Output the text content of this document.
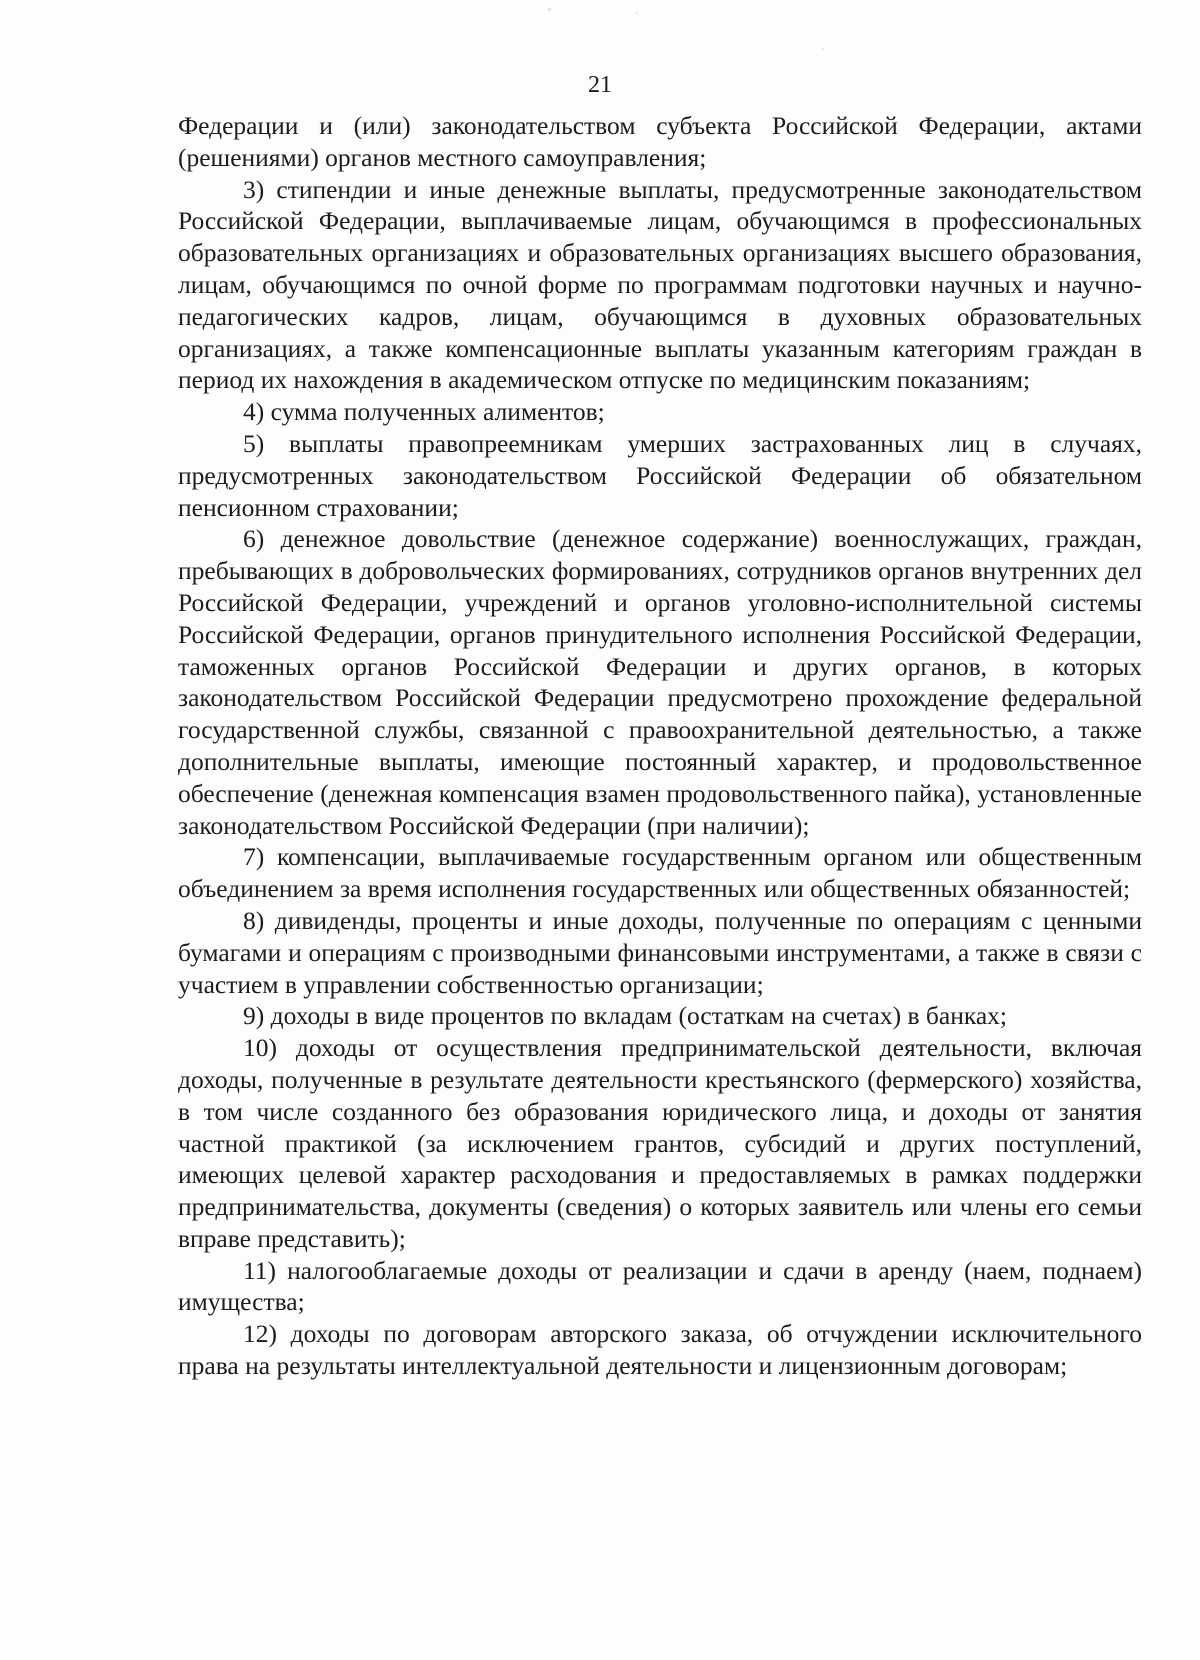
21

Федерации и (или) законодательством субъекта Российской Федерации, актами (решениями) органов местного самоуправления;

3) стипендии и иные денежные выплаты, предусмотренные законодательством Российской Федерации, выплачиваемые лицам, обучающимся в профессиональных образовательных организациях и образовательных организациях высшего образования, лицам, обучающимся по очной форме по программам подготовки научных и научно-педагогических кадров, лицам, обучающимся в духовных образовательных организациях, а также компенсационные выплаты указанным категориям граждан в период их нахождения в академическом отпуске по медицинским показаниям;

4) сумма полученных алиментов;

5) выплаты правопреемникам умерших застрахованных лиц в случаях, предусмотренных законодательством Российской Федерации об обязательном пенсионном страховании;

6) денежное довольствие (денежное содержание) военнослужащих, граждан, пребывающих в добровольческих формированиях, сотрудников органов внутренних дел Российской Федерации, учреждений и органов уголовно-исполнительной системы Российской Федерации, органов принудительного исполнения Российской Федерации, таможенных органов Российской Федерации и других органов, в которых законодательством Российской Федерации предусмотрено прохождение федеральной государственной службы, связанной с правоохранительной деятельностью, а также дополнительные выплаты, имеющие постоянный характер, и продовольственное обеспечение (денежная компенсация взамен продовольственного пайка), установленные законодательством Российской Федерации (при наличии);

7) компенсации, выплачиваемые государственным органом или общественным объединением за время исполнения государственных или общественных обязанностей;

8) дивиденды, проценты и иные доходы, полученные по операциям с ценными бумагами и операциям с производными финансовыми инструментами, а также в связи с участием в управлении собственностью организации;

9) доходы в виде процентов по вкладам (остаткам на счетах) в банках;

10) доходы от осуществления предпринимательской деятельности, включая доходы, полученные в результате деятельности крестьянского (фермерского) хозяйства, в том числе созданного без образования юридического лица, и доходы от занятия частной практикой (за исключением грантов, субсидий и других поступлений, имеющих целевой характер расходования и предоставляемых в рамках поддержки предпринимательства, документы (сведения) о которых заявитель или члены его семьи вправе представить);

11) налогооблагаемые доходы от реализации и сдачи в аренду (наем, поднаем) имущества;

12) доходы по договорам авторского заказа, об отчуждении исключительного права на результаты интеллектуальной деятельности и лицензионным договорам;
